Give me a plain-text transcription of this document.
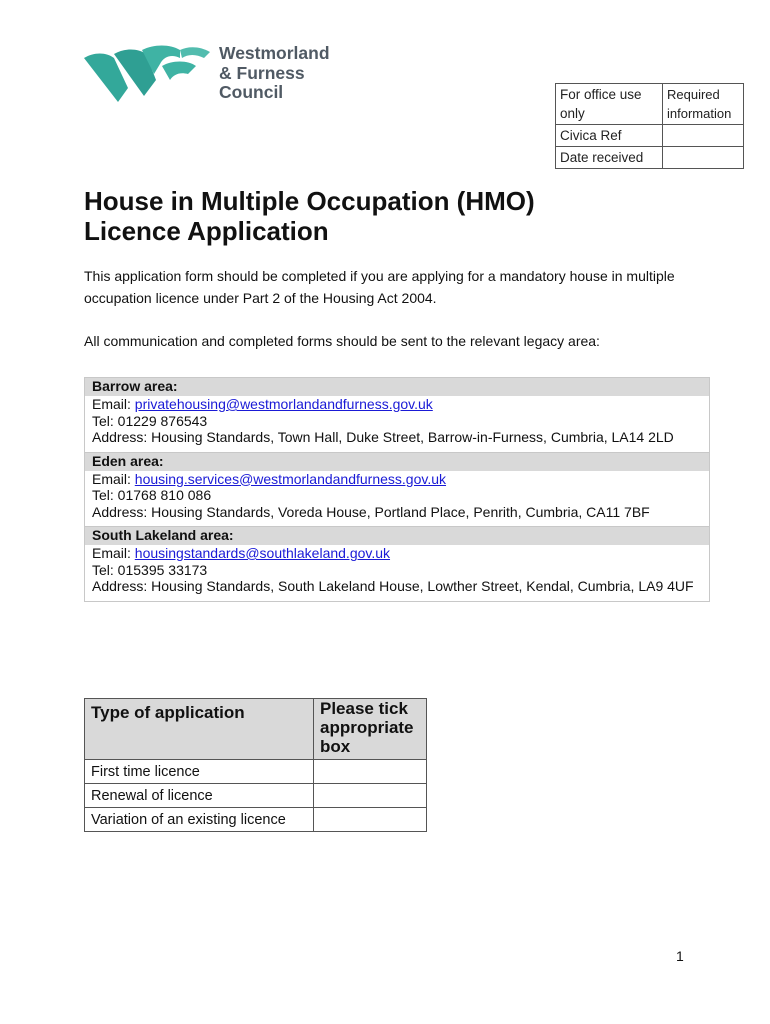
Westmorland
& Furness
Council	For office use only	Required information
Civica Ref	
Date received	
House in Multiple Occupation (HMO)
Licence Application

This application form should be completed if you are applying for a mandatory house in multiple occupation licence under Part 2 of the Housing Act 2004.

All communication and completed forms should be sent to the relevant legacy area:

Barrow area:
Email: privatehousing@westmorlandandfurness.gov.uk
Tel: 01229 876543
Address: Housing Standards, Town Hall, Duke Street, Barrow-in-Furness, Cumbria, LA14 2LD
Eden area:
Email: housing.services@westmorlandandfurness.gov.uk
Tel: 01768 810 086
Address: Housing Standards, Voreda House, Portland Place, Penrith, Cumbria, CA11 7BF
South Lakeland area:
Email: housingstandards@southlakeland.gov.uk
Tel: 015395 33173
Address: Housing Standards, South Lakeland House, Lowther Street, Kendal, Cumbria, LA9 4UF
Type of application	Please tick appropriate box
First time licence	
Renewal of licence	
Variation of an existing licence	
1
